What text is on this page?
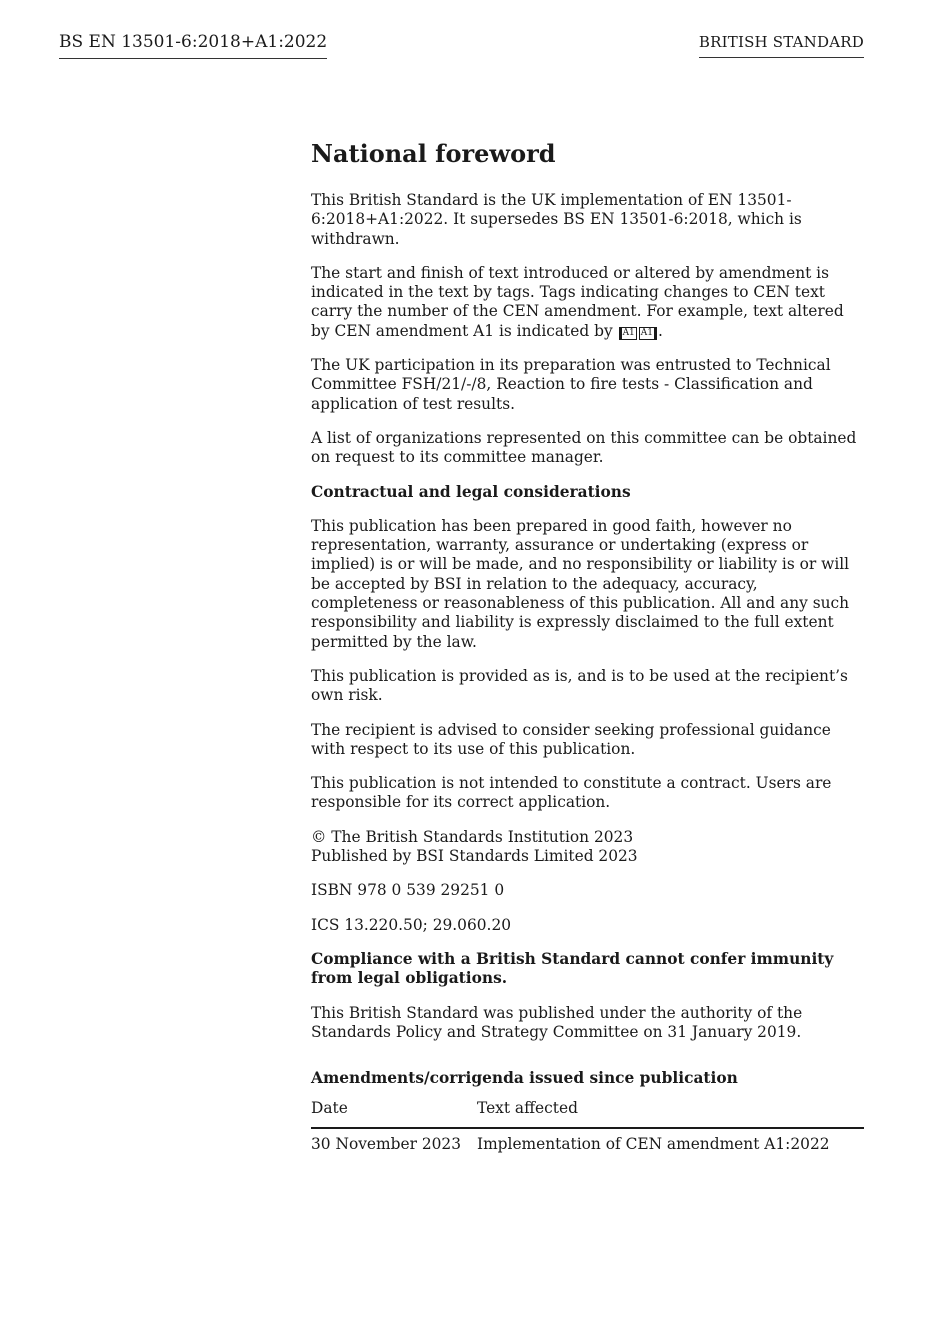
BS EN 13501-6:2018+A1:2022	BRITISH STANDARD
National foreword

This British Standard is the UK implementation of EN 13501-6:2018+A1:2022. It supersedes BS EN 13501-6:2018, which is withdrawn.

The start and finish of text introduced or altered by amendment is indicated in the text by tags. Tags indicating changes to CEN text carry the number of the CEN amendment. For example, text altered by CEN amendment A1 is indicated by A1 A1 .

The UK participation in its preparation was entrusted to Technical Committee FSH/21/-/8, Reaction to fire tests - Classification and application of test results.

A list of organizations represented on this committee can be obtained on request to its committee manager.

Contractual and legal considerations

This publication has been prepared in good faith, however no representation, warranty, assurance or undertaking (express or implied) is or will be made, and no responsibility or liability is or will be accepted by BSI in relation to the adequacy, accuracy, completeness or reasonableness of this publication. All and any such responsibility and liability is expressly disclaimed to the full extent permitted by the law.

This publication is provided as is, and is to be used at the recipient’s own risk.

The recipient is advised to consider seeking professional guidance with respect to its use of this publication.

This publication is not intended to constitute a contract. Users are responsible for its correct application.

© The British Standards Institution 2023
Published by BSI Standards Limited 2023

ISBN 978 0 539 29251 0

ICS 13.220.50; 29.060.20

Compliance with a British Standard cannot confer immunity from legal obligations.

This British Standard was published under the authority of the Standards Policy and Strategy Committee on 31 January 2019.

Amendments/corrigenda issued since publication
Date	Text affected
30 November 2023	Implementation of CEN amendment A1:2022
